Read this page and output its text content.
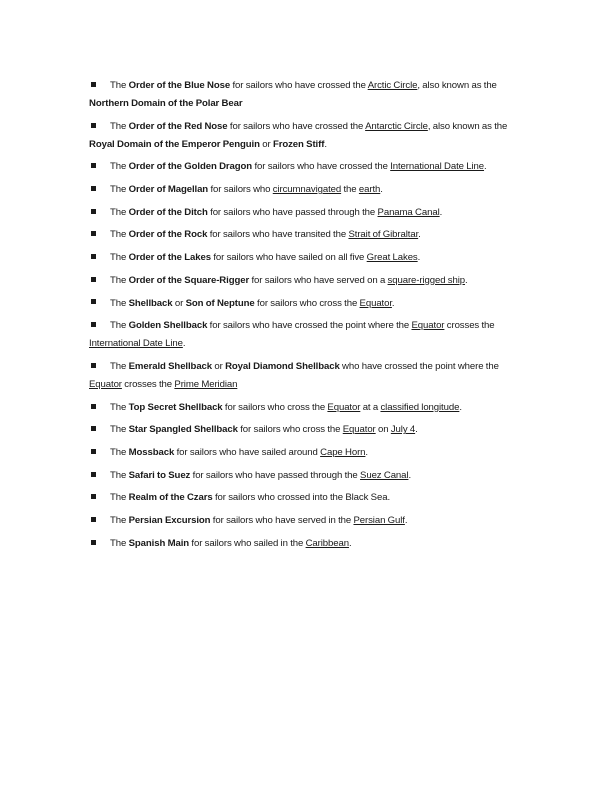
The Order of the Blue Nose for sailors who have crossed the Arctic Circle, also known as the Northern Domain of the Polar Bear
The Order of the Red Nose for sailors who have crossed the Antarctic Circle, also known as the Royal Domain of the Emperor Penguin or Frozen Stiff.
The Order of the Golden Dragon for sailors who have crossed the International Date Line.
The Order of Magellan for sailors who circumnavigated the earth.
The Order of the Ditch for sailors who have passed through the Panama Canal.
The Order of the Rock for sailors who have transited the Strait of Gibraltar.
The Order of the Lakes for sailors who have sailed on all five Great Lakes.
The Order of the Square-Rigger for sailors who have served on a square-rigged ship.
The Shellback or Son of Neptune for sailors who cross the Equator.
The Golden Shellback for sailors who have crossed the point where the Equator crosses the International Date Line.
The Emerald Shellback or Royal Diamond Shellback who have crossed the point where the Equator crosses the Prime Meridian
The Top Secret Shellback for sailors who cross the Equator at a classified longitude.
The Star Spangled Shellback for sailors who cross the Equator on July 4.
The Mossback for sailors who have sailed around Cape Horn.
The Safari to Suez for sailors who have passed through the Suez Canal.
The Realm of the Czars for sailors who crossed into the Black Sea.
The Persian Excursion for sailors who have served in the Persian Gulf.
The Spanish Main for sailors who sailed in the Caribbean.
